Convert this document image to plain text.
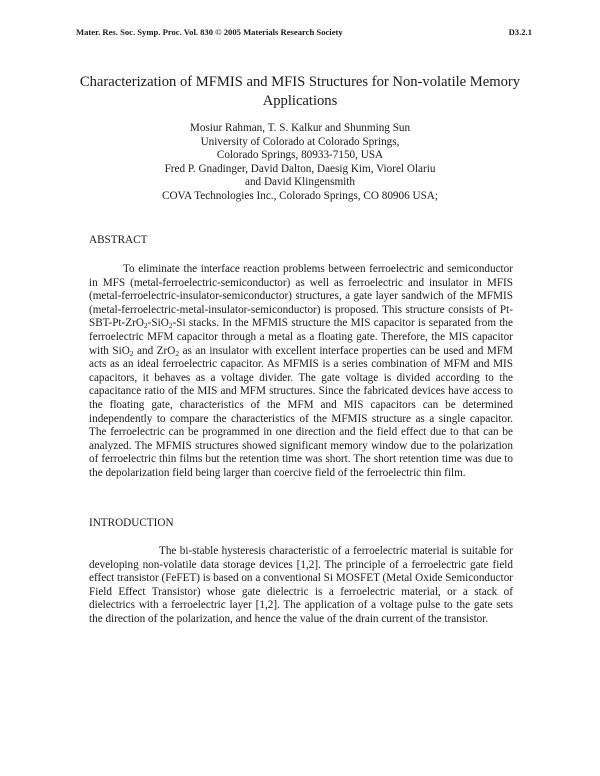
Mater. Res. Soc. Symp. Proc. Vol. 830 © 2005 Materials Research Society	D3.2.1
Characterization of MFMIS and MFIS Structures for Non-volatile Memory Applications
Mosiur Rahman, T. S. Kalkur and Shunming Sun
University of Colorado at Colorado Springs,
Colorado Springs, 80933-7150, USA
Fred P. Gnadinger, David Dalton, Daesig Kim, Viorel Olariu
and David Klingensmith
COVA Technologies Inc., Colorado Springs, CO 80906 USA;
ABSTRACT

To eliminate the interface reaction problems between ferroelectric and semiconductor in MFS (metal-ferroelectric-semiconductor) as well as ferroelectric and insulator in MFIS (metal-ferroelectric-insulator-semiconductor) structures, a gate layer sandwich of the MFMIS (metal-ferroelectric-metal-insulator-semiconductor) is proposed. This structure consists of Pt-SBT-Pt-ZrO$_2$-SiO$_2$-Si stacks. In the MFMIS structure the MIS capacitor is separated from the ferroelectric MFM capacitor through a metal as a floating gate. Therefore, the MIS capacitor with SiO$_2$ and ZrO$_2$ as an insulator with excellent interface properties can be used and MFM acts as an ideal ferroelectric capacitor. As MFMIS is a series combination of MFM and MIS capacitors, it behaves as a voltage divider. The gate voltage is divided according to the capacitance ratio of the MIS and MFM structures. Since the fabricated devices have access to the floating gate, characteristics of the MFM and MIS capacitors can be determined independently to compare the characteristics of the MFMIS structure as a single capacitor. The ferroelectric can be programmed in one direction and the field effect due to that can be analyzed. The MFMIS structures showed significant memory window due to the polarization of ferroelectric thin films but the retention time was short. The short retention time was due to the depolarization field being larger than coercive field of the ferroelectric thin film.

INTRODUCTION

The bi-stable hysteresis characteristic of a ferroelectric material is suitable for developing non-volatile data storage devices [1,2]. The principle of a ferroelectric gate field effect transistor (FeFET) is based on a conventional Si MOSFET (Metal Oxide Semiconductor Field Effect Transistor) whose gate dielectric is a ferroelectric material, or a stack of dielectrics with a ferroelectric layer [1,2]. The application of a voltage pulse to the gate sets the direction of the polarization, and hence the value of the drain current of the transistor.
